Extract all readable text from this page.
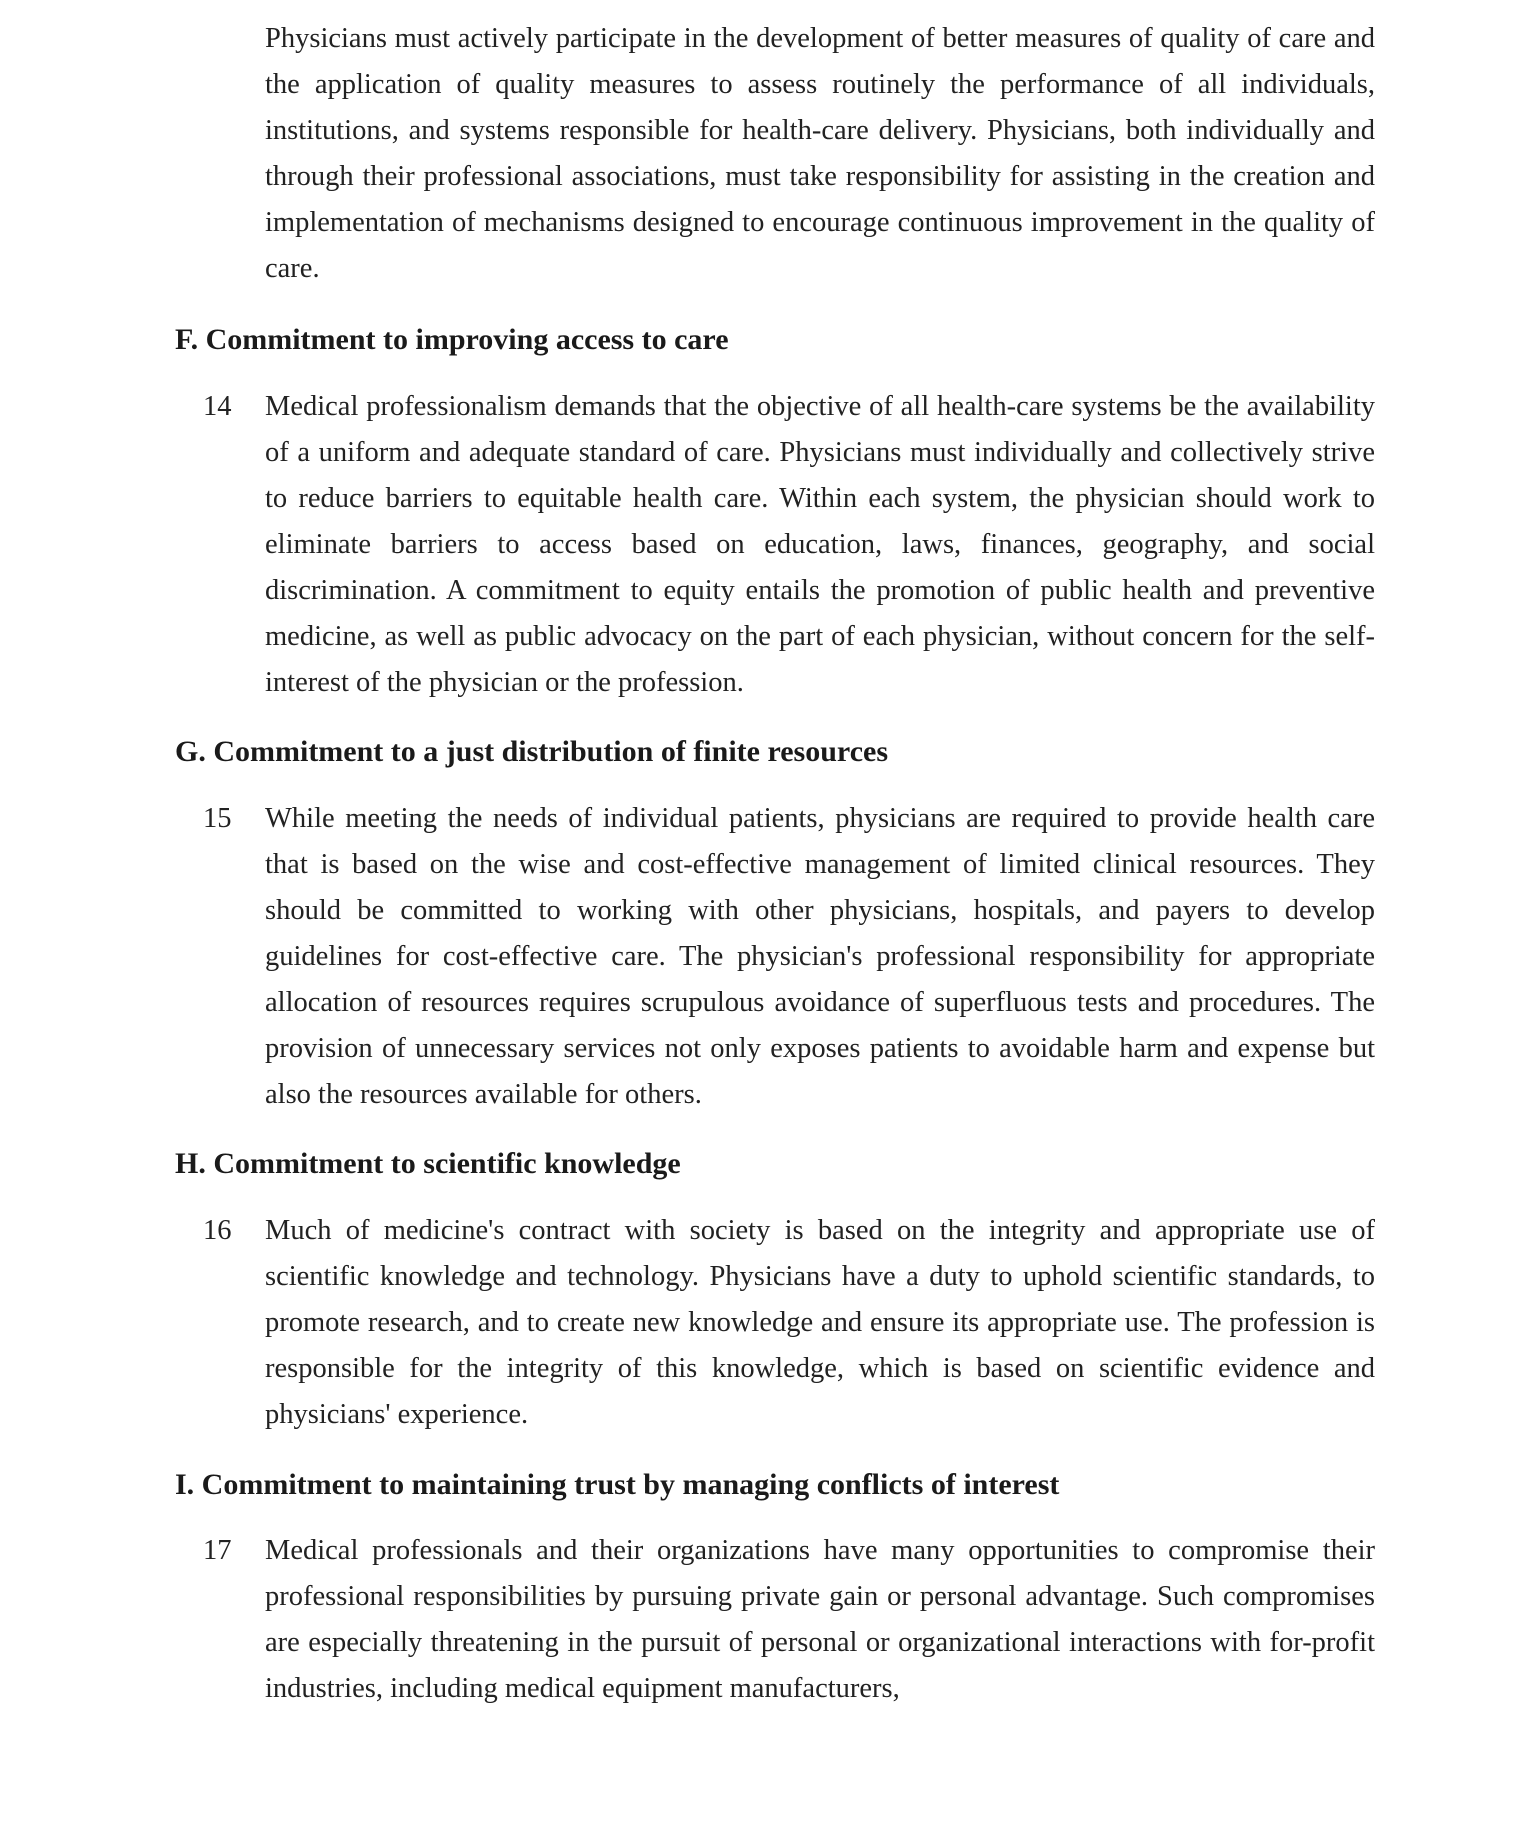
Physicians must actively participate in the development of better measures of quality of care and the application of quality measures to assess routinely the performance of all individuals, institutions, and systems responsible for health-care delivery. Physicians, both individually and through their professional associations, must take responsibility for assisting in the creation and implementation of mechanisms designed to encourage continuous improvement in the quality of care.

F. Commitment to improving access to care

14	Medical professionalism demands that the objective of all health-care systems be the availability of a uniform and adequate standard of care. Physicians must individually and collectively strive to reduce barriers to equitable health care. Within each system, the physician should work to eliminate barriers to access based on education, laws, finances, geography, and social discrimination. A commitment to equity entails the promotion of public health and preventive medicine, as well as public advocacy on the part of each physician, without concern for the self-interest of the physician or the profession.

G. Commitment to a just distribution of finite resources

15	While meeting the needs of individual patients, physicians are required to provide health care that is based on the wise and cost-effective management of limited clinical resources. They should be committed to working with other physicians, hospitals, and payers to develop guidelines for cost-effective care. The physician's professional responsibility for appropriate allocation of resources requires scrupulous avoidance of superfluous tests and procedures. The provision of unnecessary services not only exposes patients to avoidable harm and expense but also the resources available for others.

H. Commitment to scientific knowledge

16	Much of medicine's contract with society is based on the integrity and appropriate use of scientific knowledge and technology. Physicians have a duty to uphold scientific standards, to promote research, and to create new knowledge and ensure its appropriate use. The profession is responsible for the integrity of this knowledge, which is based on scientific evidence and physicians' experience.

I. Commitment to maintaining trust by managing conflicts of interest

17	Medical professionals and their organizations have many opportunities to compromise their professional responsibilities by pursuing private gain or personal advantage. Such compromises are especially threatening in the pursuit of personal or organizational interactions with for-profit industries, including medical equipment manufacturers,
